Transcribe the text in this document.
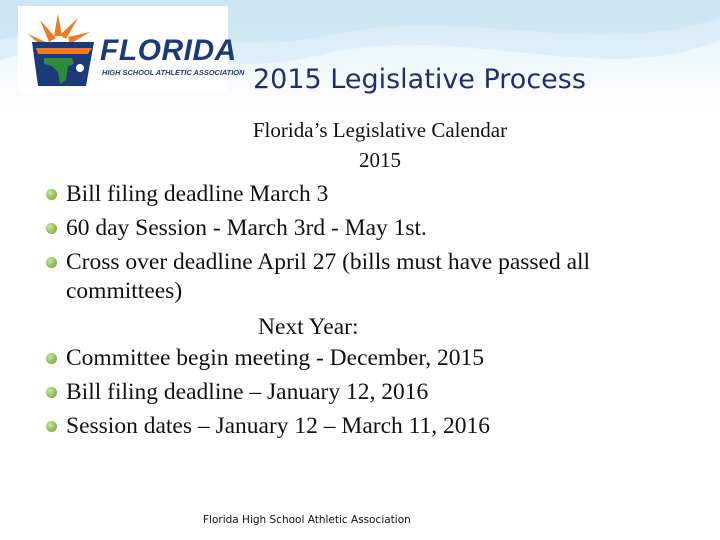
FLORIDA
HIGH SCHOOL ATHLETIC ASSOCIATION 2015 Legislative Process
Florida’s Legislative Calendar
2015
Bill filing deadline March 3
60 day Session - March 3rd - May 1st.
Cross over deadline April 27 (bills must have passed all committees)
Next Year:
Committee begin meeting - December, 2015
Bill filing deadline – January 12, 2016
Session dates – January 12 – March 11, 2016
Florida High School Athletic Association
